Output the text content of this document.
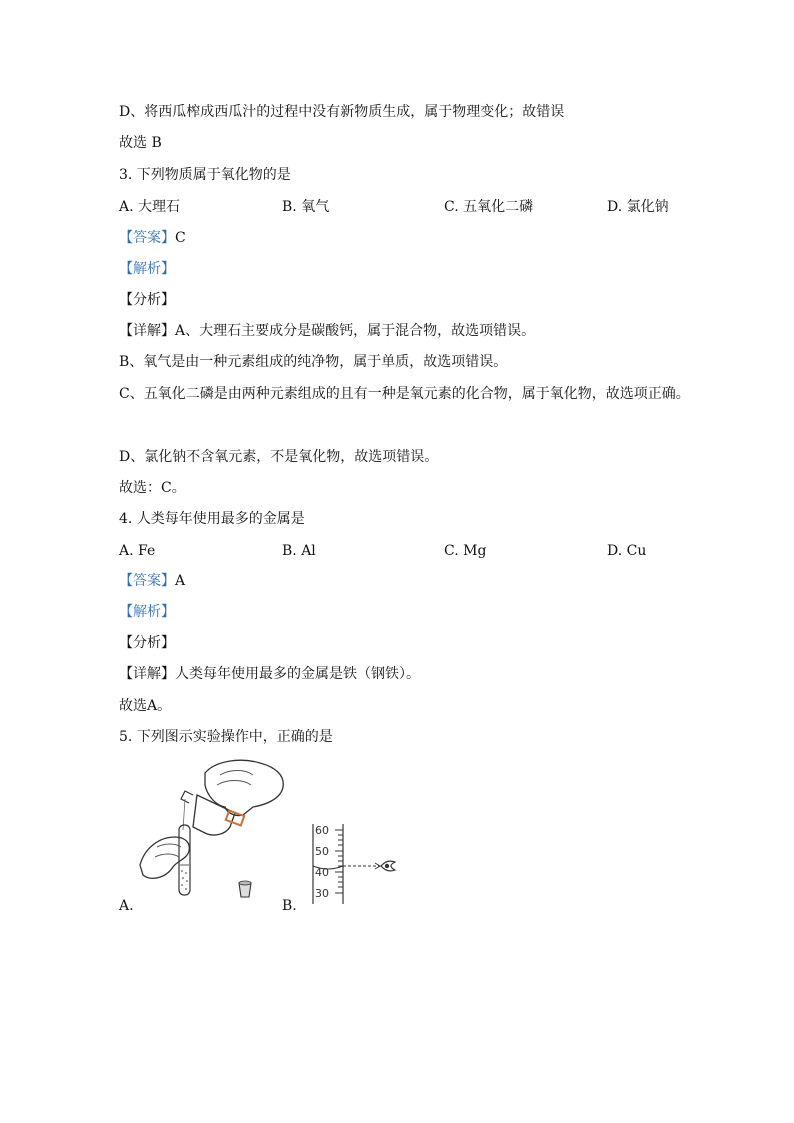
D、将西瓜榨成西瓜汁的过程中没有新物质生成，属于物理变化；故错误
故选 B
3. 下列物质属于氧化物的是
A. 大理石	B. 氧气	C. 五氧化二磷	D. 氯化钠
【答案】C
【解析】
【分析】
【详解】A、大理石主要成分是碳酸钙，属于混合物，故选项错误。
B、氧气是由一种元素组成的纯净物，属于单质，故选项错误。
C、五氧化二磷是由两种元素组成的且有一种是氧元素的化合物，属于氧化物，故选项正确。
D、氯化钠不含氧元素，不是氧化物，故选项错误。
故选：C。
4. 人类每年使用最多的金属是
A. Fe	B. Al	C. Mg	D. Cu
【答案】A
【解析】
【分析】
【详解】人类每年使用最多的金属是铁（钢铁）。
故选A。
5. 下列图示实验操作中，正确的是
A.
60
50
40
30
B.
